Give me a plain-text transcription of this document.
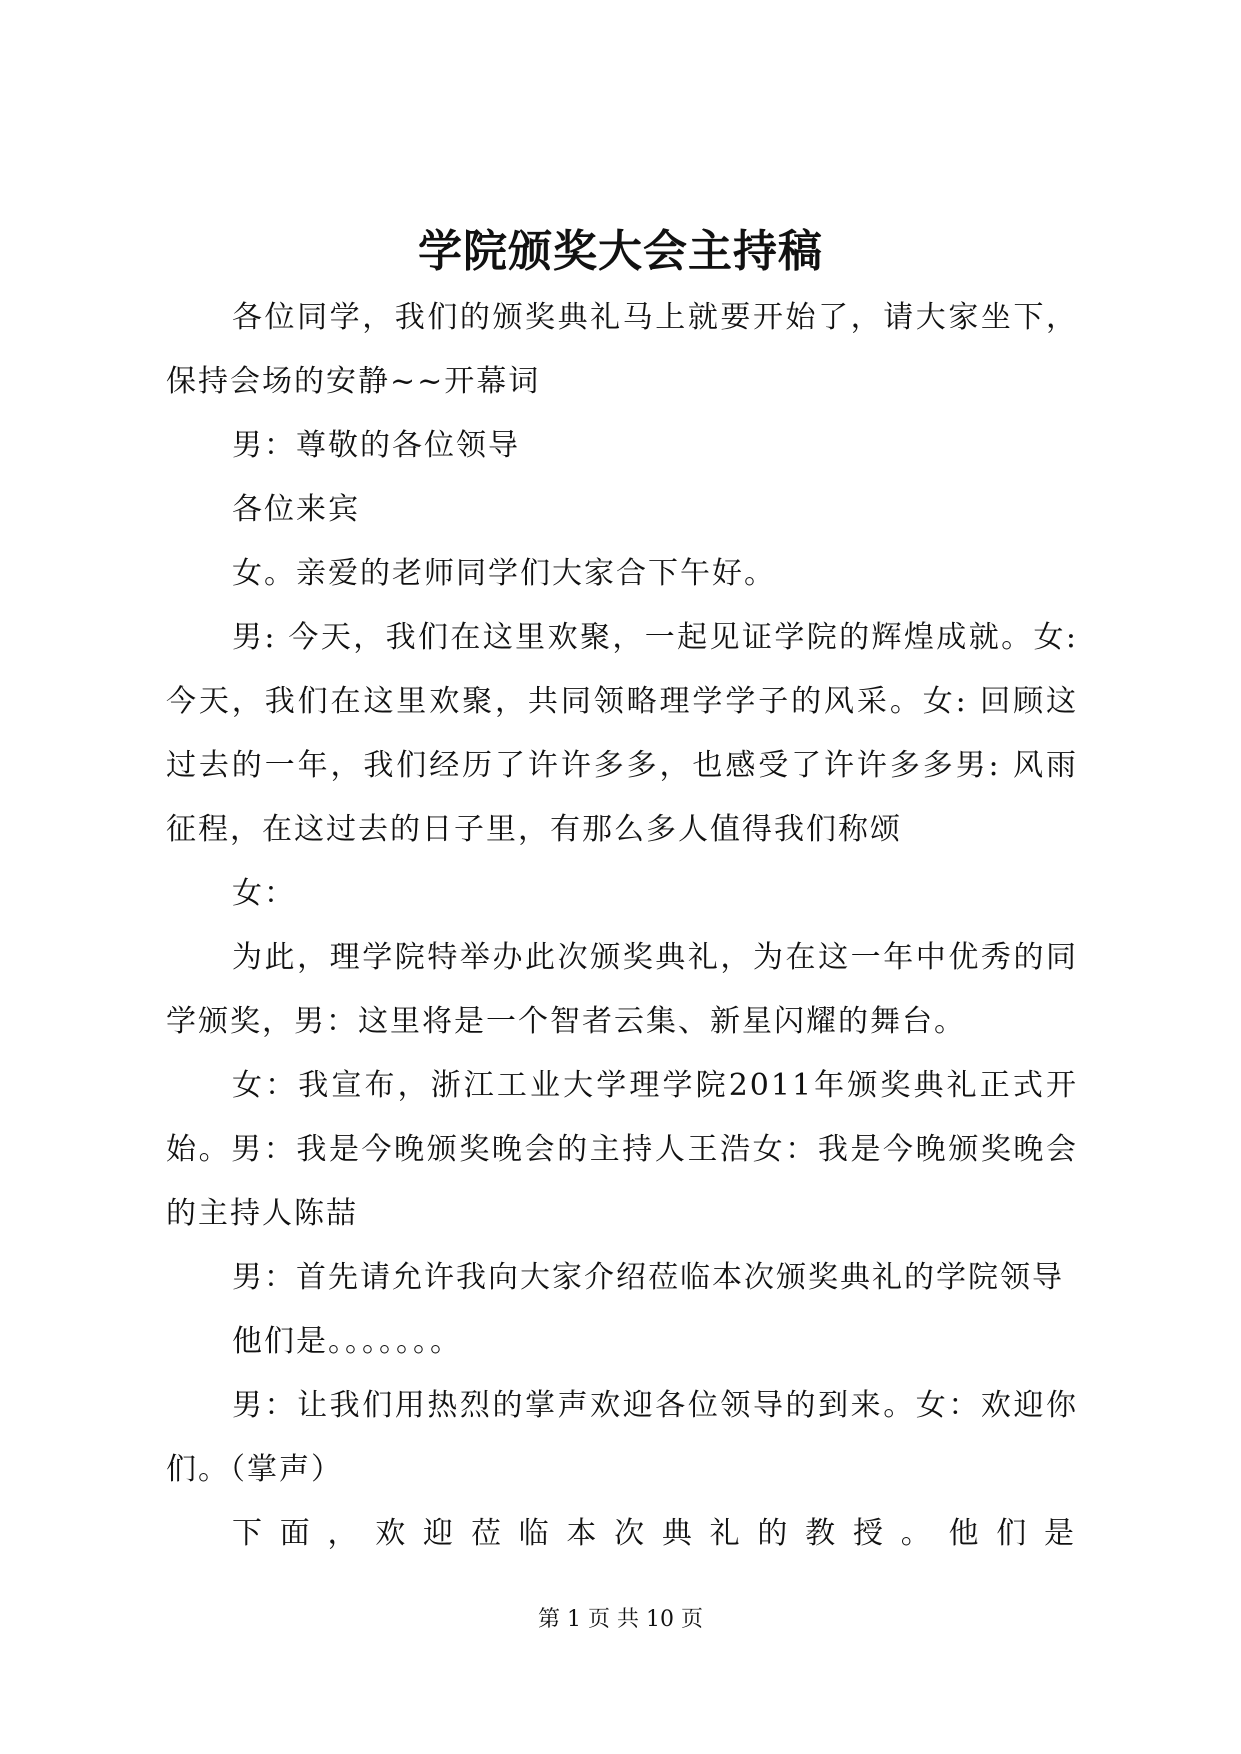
学院颁奖大会主持稿

各位同学，我们的颁奖典礼马上就要开始了，请大家坐下，保持会场的安静~~开幕词

男：尊敬的各位领导

各位来宾

女。亲爱的老师同学们大家合下午好。

男: 今天，我们在这里欢聚，一起见证学院的辉煌成就。女: 今天，我们在这里欢聚，共同领略理学学子的风采。女: 回顾这过去的一年，我们经历了许许多多，也感受了许许多多男: 风雨征程，在这过去的日子里，有那么多人值得我们称颂

女：

为此，理学院特举办此次颁奖典礼，为在这一年中优秀的同学颁奖，男：这里将是一个智者云集、新星闪耀的舞台。

女：我宣布，浙江工业大学理学院2011年颁奖典礼正式开始。男：我是今晚颁奖晚会的主持人王浩女：我是今晚颁奖晚会的主持人陈喆

男：首先请允许我向大家介绍莅临本次颁奖典礼的学院领导

他们是。。。。。。。

男：让我们用热烈的掌声欢迎各位领导的到来。女：欢迎你们。（掌声）

下面，欢迎莅临本次典礼的教授。他们是

第 1 页 共 10 页
